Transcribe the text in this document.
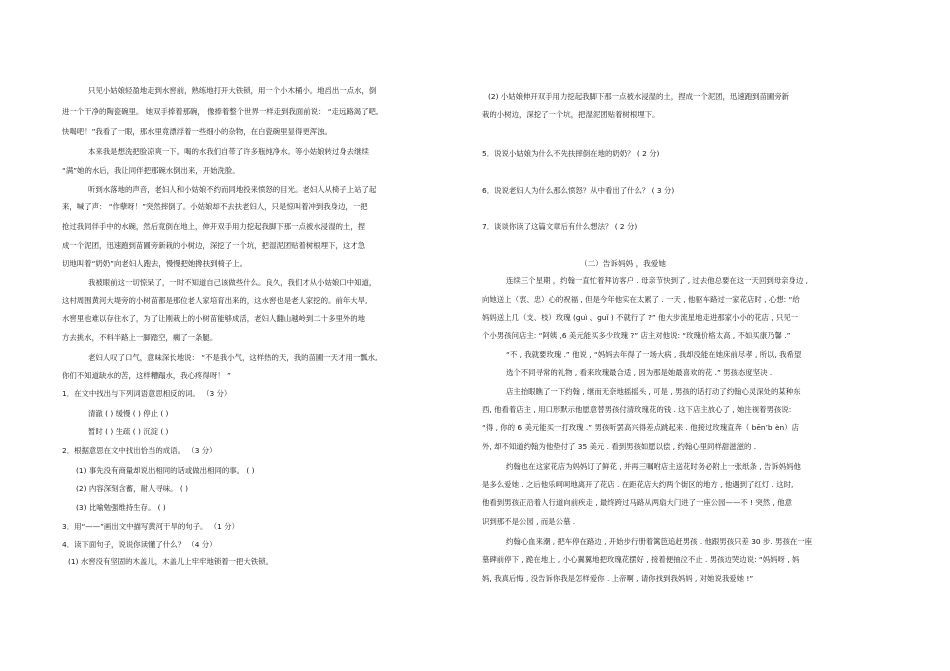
只见小姑娘轻盈地走到水窖前，熟练地打开大铁锁，用一个小木桶小。地舀出一点水，倒
进一个干净的陶瓷碗里。 她双手捧着那碗， 像捧着整个世界一样走到我面前说： “走远路渴了吧,
快喝吧！”我看了一眼，那水里竟漂浮着一些细小的杂物，在白瓷碗里显得更浑浊。
本来我是想洗把脸凉爽一下。喝的水我们自带了许多瓶纯净水。等小姑娘转过身去继续
“满”她的水后，我让同伴把那碗水倒出来，开始洗脸。
听到水落地的声音，老妇人和小姑娘不约而同地投来愤怒的目光。老妇人从椅子上站了起
来，喊了声： “作孽呀！”突然摔倒了。小姑娘却不去扶老妇人，只是惊叫着冲到我身边，一把
抢过我同伴手中的水碗，然后竟倒在地上，伸开双手用力挖起我脚下那一点被水浸湿的土，捏
成一个泥团，迅速跑到苗圃旁新栽的小树边，深挖了一个坑，把湿泥团贴着树根埋下，这才急
切地叫着“奶奶”向老妇人跑去，慢慢把她搀扶到椅子上。
我被眼前这一切惊呆了，一时不知道自己该做些什么。良久，我们才从小姑娘口中知道，
这村周围黄河大堤旁的小树苗都是那位老人家培育出来的，这水窖也是老人家挖的。前年大旱,
水窖里也难以存住水了，为了让刚栽上的小树苗能够成活，老妇人翻山越岭到二十多里外的地
方去挑水，不料半路上一脚踏空，瘸了一条腿。
老妇人叹了口气，意味深长地说： “不是我小气，这样热的天，我的苗圃一天才用一瓢水,
你们不知道缺水的苦，这样糟蹋水，我心疼得呀！ ”
1．在文中找出与下列词语意思相反的词。 （3 分）
清澈 ( ) 缓慢 ( ) 停止 ( )
暂时 ( ) 生疏 ( ) 沉淀 ( )
2．根据意思在文中找出恰当的成语。 （3 分）
(1) 事先没有商量却说出相同的话或做出相同的事。 ( )
(2) 内容深刻含蓄，耐人寻味。 ( )
(3) 比喻勉强维持生存。 ( )
3．用“——”画出文中描写黄河干旱的句子。 （1 分）
4．读下面句子，说说你读懂了什么？ （4 分）
(1) 水窖没有坚固的木盖儿，木盖儿上牢牢地锁着一把大铁锁。
(2) 小姑娘伸开双手用力挖起我脚下那一点被水浸湿的土，捏成一个泥团，迅速跑到苗圃旁新
栽的小树边，深挖了一个坑，把湿泥团贴着树根埋下。
5．说说小姑娘为什么不先扶摔倒在地的奶奶？ ( 2 分)
6．说说老妇人为什么那么愤怒？从中看出了什么？ ( 3 分)
7．谈谈你读了这篇文章后有什么想法？ ( 2 分)
（二）告诉妈妈 ，我爱她
连续三个星期 ，约翰一直忙着拜访客户 . 母亲节快到了 , 过去他总要在这一天回到母亲身边 ,
向她送上（衷、忠）心的祝福 , 但是今年他实在太累了 . 一天 , 他驱车路过一家花店时 , 心想: “给
妈妈送上几（支、枝）玫瑰 (guì 、guǐ ) 不就行了 ?” 他大步流星地走进那家小小的花店 , 只见一
个小男孩问店主: “阿姨 ,6 美元能买多少玫瑰 ?” 店主对他说: “玫瑰价格太高 , 不如买康乃馨 .”
“不 , 我就要玫瑰 .” 他说 , “妈妈去年得了一场大病 , 我却没能在她床前尽孝 , 所以, 我希望
选个不同寻常的礼物 , 看来玫瑰最合适 , 因为那是她最喜欢的花 .” 男孩态度坚决 .
店主抬眼瞧了一下约翰 , 继而无奈地摇摇头 , 可是 , 男孩的话打动了约翰心灵深处的某种东
西, 他看着店主 , 用口形默示他愿意替男孩付清玫瑰花的钱 . 这下店主放心了 , 她注视着男孩说:
“得 , 你的 6 美元能买一打玫瑰 .” 男孩听罢高兴得差点跳起来 . 他接过玫瑰直奔（ bēn’b èn）店
外, 却不知道约翰为他垫付了 35 美元 . 看到男孩如愿以偿 , 约翰心里同样甜滋滋的 .
约翰也在这家花店为妈妈订了鲜花 , 并再三嘱咐店主送花时务必附上一张纸条 , 告诉妈妈他
是多么爱她 . 之后他乐呵呵地离开了花店 . 在距花店大约两个街区的地方 , 他遇到了红灯 . 这时,
他看到男孩正沿着人行道向前疾走 , 最终跨过马路从两扇大门进了一座公园——不 ! 突然 , 他意
识到那不是公园 , 而是公墓 .
约翰心血来潮 , 把车停在路边 , 开始步行册着篱笆追赶男孩 . 他跟男孩只差 30 步. 男孩在一座
墓碑前停下 , 跪在地上 , 小心翼翼地把玫瑰花摆好 , 接着便抽泣不止 . 男孩边哭边说: “妈妈呀 , 妈
妈, 我真后悔 , 没告诉你我是怎样爱你 . 上帝啊 , 请你找到我妈妈 , 对她说我爱她 !”
